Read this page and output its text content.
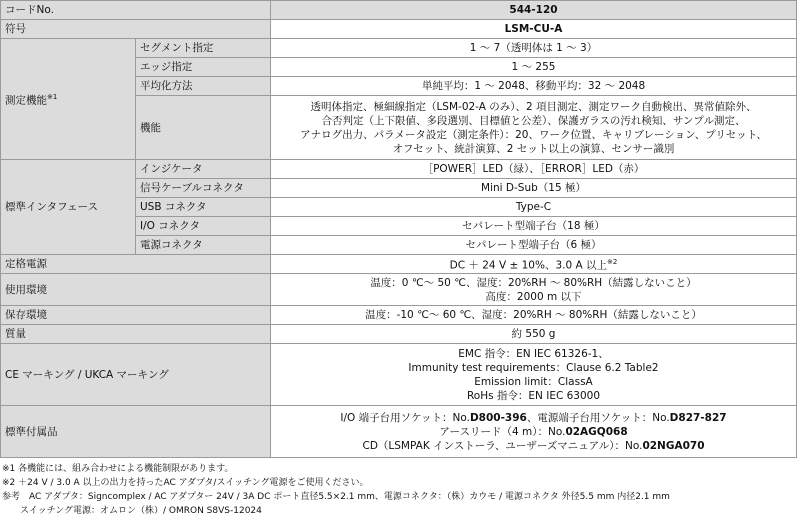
コードNo.		544-120
符号		LSM-CU-A
測定機能$^{※1}$	セグメント指定	1 〜 7（透明体は 1 〜 3）
	エッジ指定	1 〜 255
	平均化方法	単純平均：1 〜 2048、移動平均：32 〜 2048
	機能	透明体指定、極細線指定（LSM-02-A のみ）、2 項目測定、測定ワーク自動検出、異常値除外、
合否判定（上下限値、多段選別、目標値と公差）、保護ガラスの汚れ検知、サンプル測定、
アナログ出力、パラメータ設定（測定条件）：20、ワーク位置、キャリブレーション、プリセット、
オフセット、統計演算、2 セット以上の演算、センサー識別

標準インタフェース	インジケータ	［POWER］LED（緑）、［ERROR］LED（赤）
	信号ケーブルコネクタ	Mini D-Sub（15 極）
	USB コネクタ	Type-C
	I/O コネクタ	セパレート型端子台（18 極）
	電源コネクタ	セパレート型端子台（6 極）
定格電源		DC ＋ 24 V ± 10%、3.0 A 以上$^{※2}$
使用環境		温度：0 ℃〜 50 ℃、湿度：20%RH 〜 80%RH（結露しないこと）
高度：2000 m 以下

保存環境		温度：-10 ℃〜 60 ℃、湿度：20%RH 〜 80%RH（結露しないこと）
質量		約 550 g
CE マーキング / UKCA マーキング		EMC 指令：EN IEC 61326-1、
Immunity test requirements：Clause 6.2 Table2
Emission limit：ClassA
RoHs 指令：EN IEC 63000

標準付属品		I/O 端子台用ソケット：No.D800-396、電源端子台用ソケット：No.D827-827
アースリード（4 m）：No.02AGQ068
CD（LSMPAK インストーラ、ユーザーズマニュアル）：No.02NGA070
※1 各機能には、組み合わせによる機能制限があります。
※2 ＋24 V / 3.0 A 以上の出力を持ったAC アダプタ/スイッチング電源をご使用ください。
参考　AC アダプタ：Signcomplex / AC アダプター 24V / 3A DC ポート直径5.5×2.1 mm、電源コネクタ：（株）カウモ / 電源コネクタ 外径5.5 mm 内径2.1 mm
スイッチング電源：オムロン（株）/ OMRON S8VS-12024
